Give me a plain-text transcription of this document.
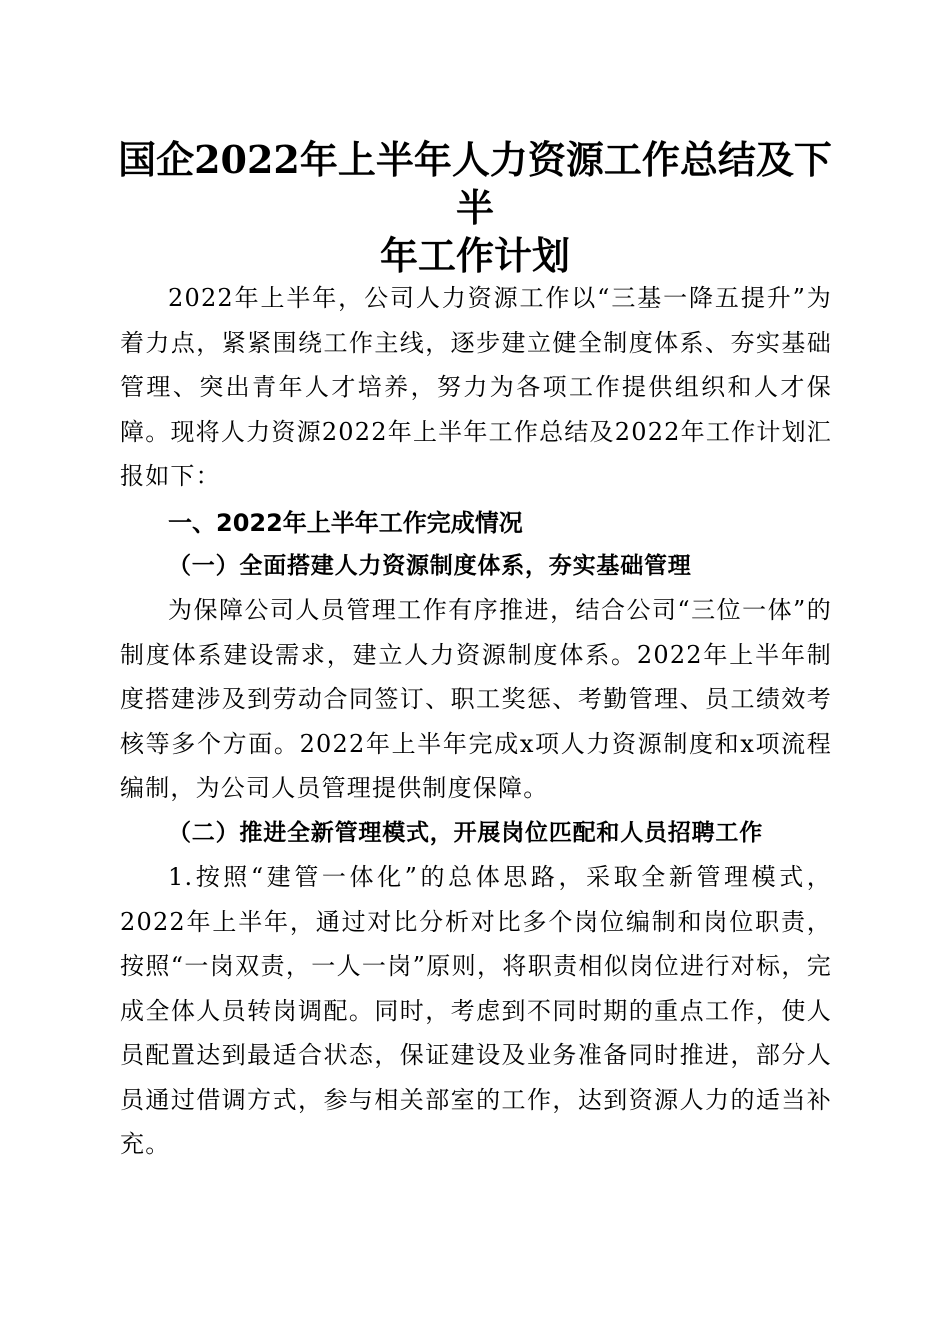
国企2022年上半年人力资源工作总结及下半
年工作计划

2022年上半年，公司人力资源工作以“三基一降五提升”为着力点，紧紧围绕工作主线，逐步建立健全制度体系、夯实基础管理、突出青年人才培养，努力为各项工作提供组织和人才保障。现将人力资源2022年上半年工作总结及2022年工作计划汇报如下：

一、2022年上半年工作完成情况
（一）全面搭建人力资源制度体系，夯实基础管理

为保障公司人员管理工作有序推进，结合公司“三位一体”的制度体系建设需求，建立人力资源制度体系。2022年上半年制度搭建涉及到劳动合同签订、职工奖惩、考勤管理、员工绩效考核等多个方面。2022年上半年完成x项人力资源制度和x项流程编制，为公司人员管理提供制度保障。

（二）推进全新管理模式，开展岗位匹配和人员招聘工作

1.按照“建管一体化”的总体思路，采取全新管理模式，2022年上半年，通过对比分析对比多个岗位编制和岗位职责，按照“一岗双责，一人一岗”原则，将职责相似岗位进行对标，完成全体人员转岗调配。同时，考虑到不同时期的重点工作，使人员配置达到最适合状态，保证建设及业务准备同时推进，部分人员通过借调方式，参与相关部室的工作，达到资源人力的适当补充。
